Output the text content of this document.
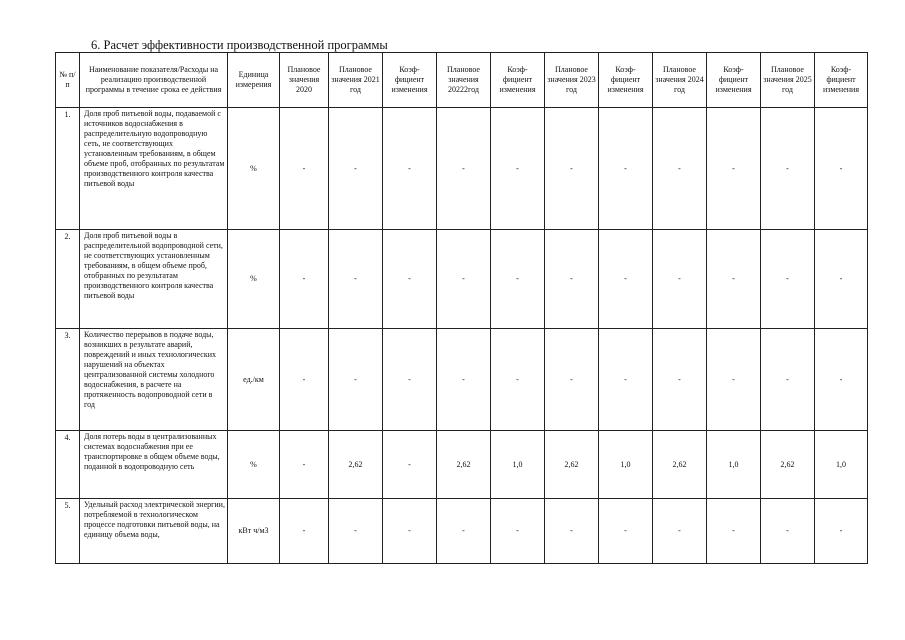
6. Расчет эффективности производственной программы
№ п/п	Наименование показателя/Расходы на реализацию производственной программы в течение срока ее действия	Единица измерения	Плановое значения 2020	Плановое значения 2021 год	Коэф- фициент изменения	Плановое значения 20222год	Коэф- фициент изменения	Плановое значения 2023 год	Коэф- фициент изменения	Плановое значения 2024 год	Коэф- фициент изменения	Плановое значения 2025 год	Коэф- фициент изменения
1.	Доля проб питьевой воды, подаваемой с источников водоснабжения в распределительную водопроводную сеть, не соответствующих установленным требованиям, в общем объеме проб, отобранных по результатам производственного контроля качества питьевой воды	%	-	-	-	-	-	-	-	-	-	-	-
2.	Доля проб питьевой воды в распределительной водопроводной сети, не соответствующих установленным требованиям, в общем объеме проб, отобранных по результатам производственного контроля качества питьевой воды	%	-	-	-	-	-	-	-	-	-	-	-
3.	Количество перерывов в подаче воды, возникших в результате аварий, повреждений и иных технологических нарушений на объектах централизованной системы холодного водоснабжения, в расчете на протяженность водопроводной сети в год	ед./км	-	-	-	-	-	-	-	-	-	-	-
4.	Доля потерь воды в централизованных системах водоснабжения при ее транспортировке в общем объеме воды, поданной в водопроводную сеть	%	-	2,62	-	2,62	1,0	2,62	1,0	2,62	1,0	2,62	1,0
5.	Удельный расход электрической энергии, потребляемой в технологическом процессе подготовки питьевой воды, на единицу объема воды,	кВт ч/м3	-	-	-	-	-	-	-	-	-	-	-
